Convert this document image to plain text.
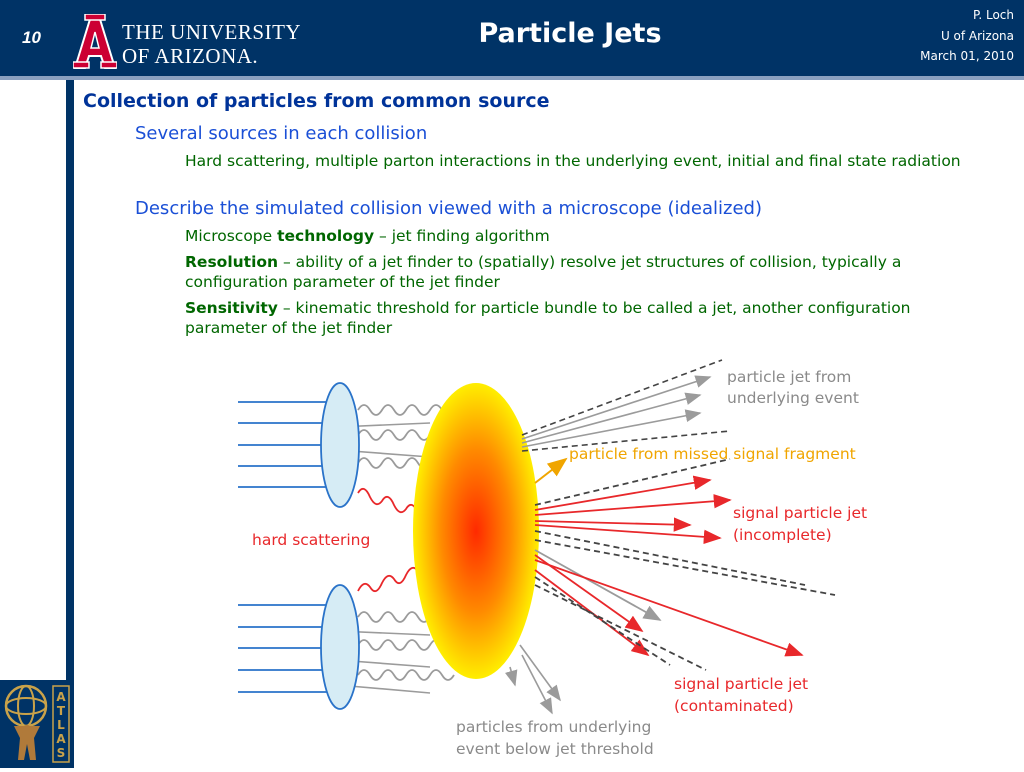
10	THE UNIVERSITY
OF ARIZONA.
Particle Jets
P. Loch
U of Arizona
March 01, 2010
ATLAS
Collection of particles from common source
Several sources in each collision
Hard scattering, multiple parton interactions in the underlying event, initial and final state radiation
Describe the simulated collision viewed with a microscope (idealized)
Microscope technology – jet finding algorithm
Resolution – ability of a jet finder to (spatially) resolve jet structures of collision, typically a configuration parameter of the jet finder
Sensitivity – kinematic threshold for particle bundle to be called a jet, another configuration parameter of the jet finder
particle jet from
underlying event
particle from missed signal fragment
signal particle jet
(incomplete)
hard scattering
signal particle jet
(contaminated)
particles from underlying
event below jet threshold
